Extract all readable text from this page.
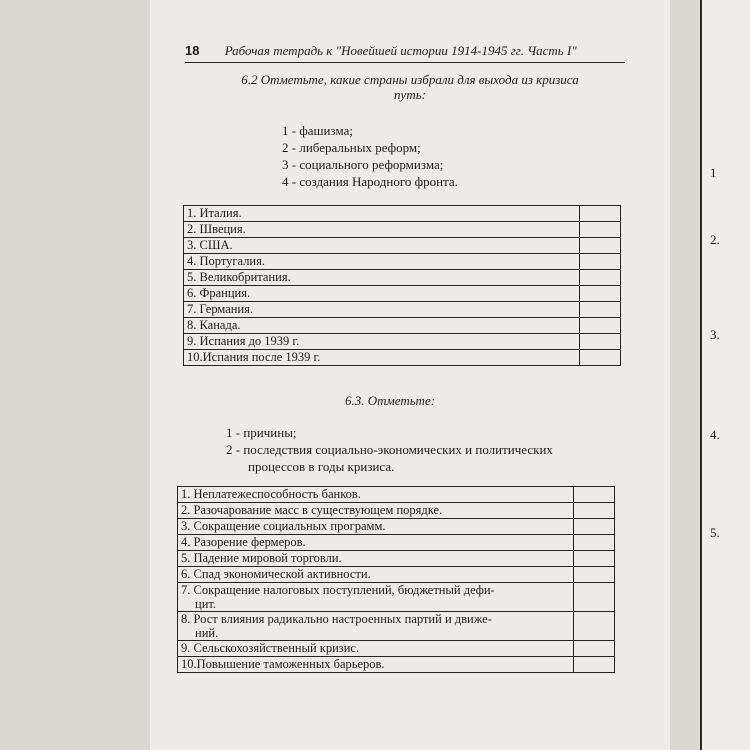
1
2.
3.
4.
5.
18 Рабочая тетрадь к "Новейшей истории 1914-1945 гг. Часть I"
6.2 Отметьте, какие страны избрали для выхода из кризиса
путь:
1 - фашизма;
2 - либеральных реформ;
3 - социального реформизма;
4 - создания Народного фронта.
1. Италия.	
2. Швеция.	
3. США.	
4. Португалия.	
5. Великобритания.	
6. Франция.	
7. Германия.	
8. Канада.	
9. Испания до 1939 г.	
10.Испания после 1939 г.	
6.3. Отметьте:
1 - причины;
2 - последствия социально-экономических и политических
процессов в годы кризиса.
1. Неплатежеспособность банков.	
2. Разочарование масс в существующем порядке.	
3. Сокращение социальных программ.	
4. Разорение фермеров.	
5. Падение мировой торговли.	
6. Спад экономической активности.	

7. Сокращение налоговых поступлений, бюджетный дефи-
цит.	

8. Рост влияния радикально настроенных партий и движе-
ний.	

9. Сельскохозяйственный кризис.	
10.Повышение таможенных барьеров.	
